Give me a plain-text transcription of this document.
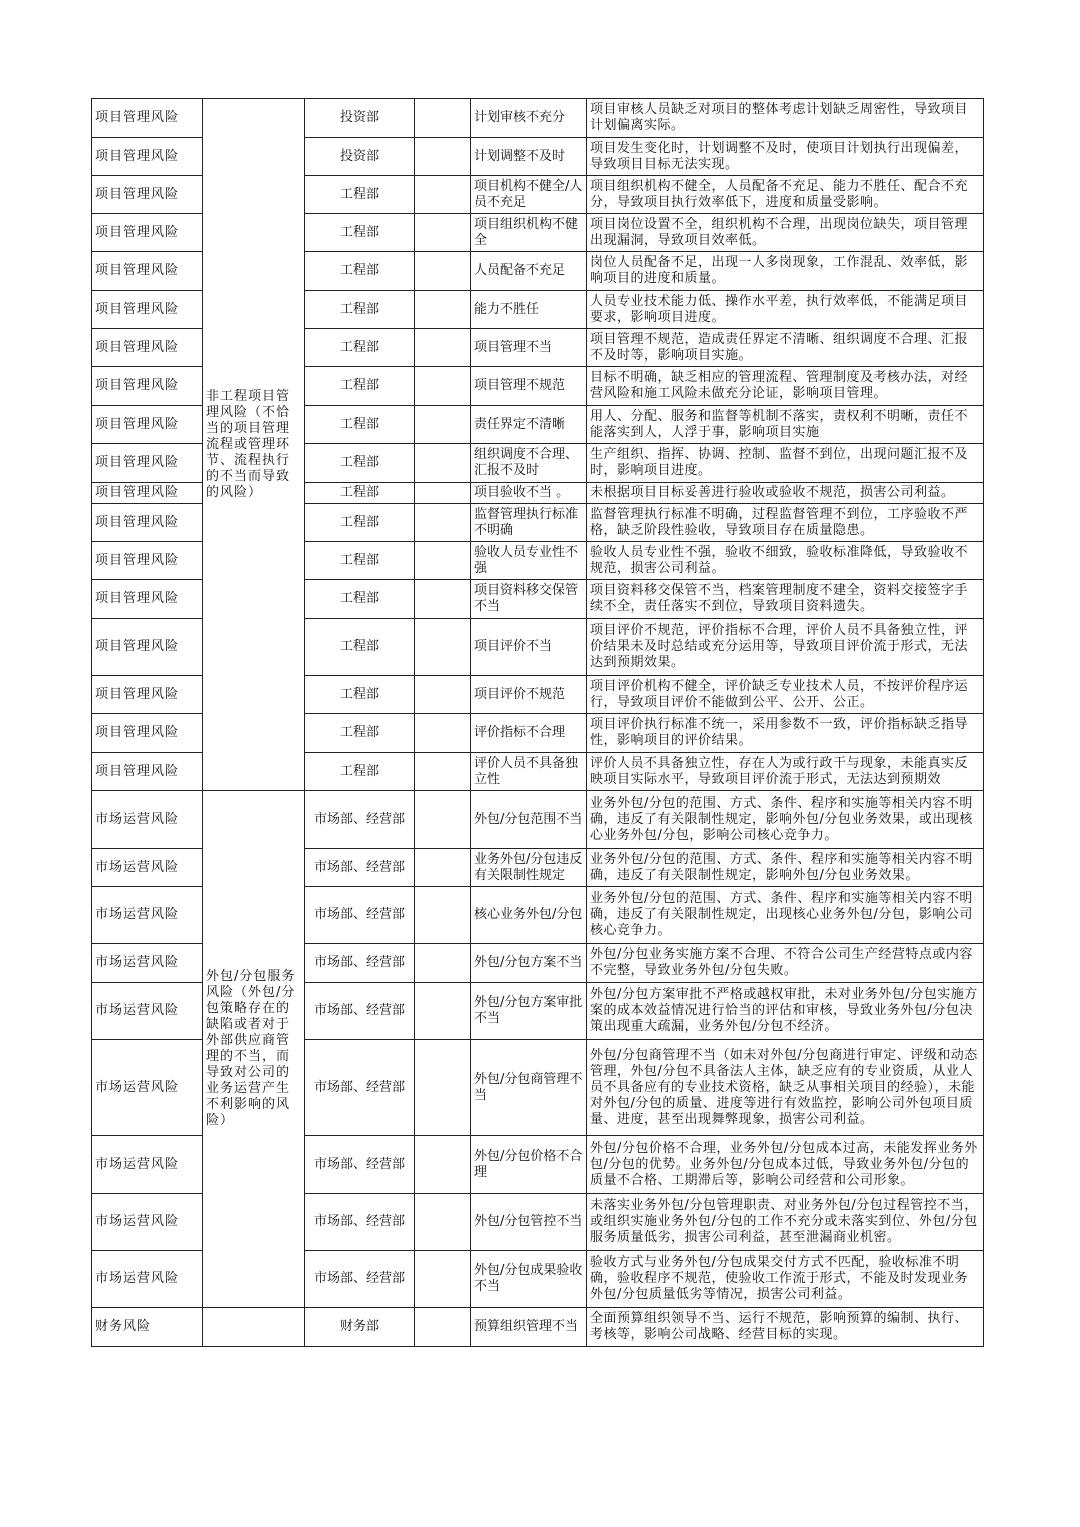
项目管理风险	非工程项目管理风险（不恰当的项目管理流程或管理环节、流程执行的不当而导致的风险）	投资部		计划审核不充分	项目审核人员缺乏对项目的整体考虑计划缺乏周密性，导致项目计划偏离实际。
项目管理风险		投资部		计划调整不及时	项目发生变化时，计划调整不及时，使项目计划执行出现偏差，导致项目目标无法实现。
项目管理风险		工程部		项目机构不健全/人员不充足	项目组织机构不健全，人员配备不充足、能力不胜任、配合不充分，导致项目执行效率低下，进度和质量受影响。
项目管理风险		工程部		项目组织机构不健全	项目岗位设置不全，组织机构不合理，出现岗位缺失，项目管理出现漏洞，导致项目效率低。
项目管理风险		工程部		人员配备不充足	岗位人员配备不足，出现一人多岗现象，工作混乱、效率低，影响项目的进度和质量。
项目管理风险		工程部		能力不胜任	人员专业技术能力低、操作水平差，执行效率低，不能满足项目要求，影响项目进度。
项目管理风险		工程部		项目管理不当	项目管理不规范，造成责任界定不清晰、组织调度不合理、汇报不及时等，影响项目实施。
项目管理风险		工程部		项目管理不规范	目标不明确，缺乏相应的管理流程、管理制度及考核办法，对经营风险和施工风险未做充分论证，影响项目管理。
项目管理风险		工程部		责任界定不清晰	用人、分配、服务和监督等机制不落实，责权利不明晰，责任不能落实到人，人浮于事，影响项目实施
项目管理风险		工程部		组织调度不合理、汇报不及时	生产组织、指挥、协调、控制、监督不到位，出现问题汇报不及时，影响项目进度。
项目管理风险		工程部		项目验收不当 。	未根据项目目标妥善进行验收或验收不规范，损害公司利益。
项目管理风险		工程部		监督管理执行标准不明确	监督管理执行标准不明确，过程监督管理不到位，工序验收不严格，缺乏阶段性验收，导致项目存在质量隐患。
项目管理风险		工程部		验收人员专业性不强	验收人员专业性不强，验收不细致，验收标准降低，导致验收不规范，损害公司利益。
项目管理风险		工程部		项目资料移交保管不当	项目资料移交保管不当，档案管理制度不建全，资料交接签字手续不全，责任落实不到位，导致项目资料遗失。
项目管理风险		工程部		项目评价不当	项目评价不规范，评价指标不合理，评价人员不具备独立性，评价结果未及时总结或充分运用等，导致项目评价流于形式，无法达到预期效果。
项目管理风险		工程部		项目评价不规范	项目评价机构不健全，评价缺乏专业技术人员，不按评价程序运行，导致项目评价不能做到公平、公开、公正。
项目管理风险		工程部		评价指标不合理	项目评价执行标准不统一，采用参数不一致，评价指标缺乏指导性，影响项目的评价结果。
项目管理风险		工程部		评价人员不具备独立性	评价人员不具备独立性，存在人为或行政干与现象，未能真实反映项目实际水平，导致项目评价流于形式，无法达到预期效
市场运营风险	外包/分包服务风险（外包/分包策略存在的缺陷或者对于外部供应商管理的不当，而导致对公司的业务运营产生不利影响的风险）	市场部、经营部		外包/分包范围不当	业务外包/分包的范围、方式、条件、程序和实施等相关内容不明确，违反了有关限制性规定，影响外包/分包业务效果，或出现核心业务外包/分包，影响公司核心竞争力。
市场运营风险		市场部、经营部		业务外包/分包违反有关限制性规定	业务外包/分包的范围、方式、条件、程序和实施等相关内容不明确，违反了有关限制性规定，影响外包/分包业务效果。
市场运营风险		市场部、经营部		核心业务外包/分包	业务外包/分包的范围、方式、条件、程序和实施等相关内容不明确，违反了有关限制性规定，出现核心业务外包/分包，影响公司核心竞争力。
市场运营风险		市场部、经营部		外包/分包方案不当	外包/分包业务实施方案不合理、不符合公司生产经营特点或内容不完整，导致业务外包/分包失败。
市场运营风险		市场部、经营部		外包/分包方案审批不当	外包/分包方案审批不严格或越权审批，未对业务外包/分包实施方案的成本效益情况进行恰当的评估和审核，导致业务外包/分包决策出现重大疏漏，业务外包/分包不经济。
市场运营风险		市场部、经营部		外包/分包商管理不当	外包/分包商管理不当（如未对外包/分包商进行审定、评级和动态管理，外包/分包不具备法人主体，缺乏应有的专业资质，从业人员不具备应有的专业技术资格，缺乏从事相关项目的经验），未能对外包/分包的质量、进度等进行有效监控，影响公司外包项目质量、进度，甚至出现舞弊现象，损害公司利益。
市场运营风险		市场部、经营部		外包/分包价格不合理	外包/分包价格不合理，业务外包/分包成本过高，未能发挥业务外包/分包的优势。业务外包/分包成本过低，导致业务外包/分包的质量不合格、工期滞后等，影响公司经营和公司形象。
市场运营风险		市场部、经营部		外包/分包管控不当	未落实业务外包/分包管理职责、对业务外包/分包过程管控不当，或组织实施业务外包/分包的工作不充分或未落实到位、外包/分包服务质量低劣，损害公司利益，甚至泄漏商业机密。
市场运营风险		市场部、经营部		外包/分包成果验收不当	验收方式与业务外包/分包成果交付方式不匹配，验收标准不明确，验收程序不规范，使验收工作流于形式，不能及时发现业务外包/分包质量低劣等情况，损害公司利益。
财务风险		财务部		预算组织管理不当	全面预算组织领导不当、运行不规范，影响预算的编制、执行、考核等，影响公司战略、经营目标的实现。
